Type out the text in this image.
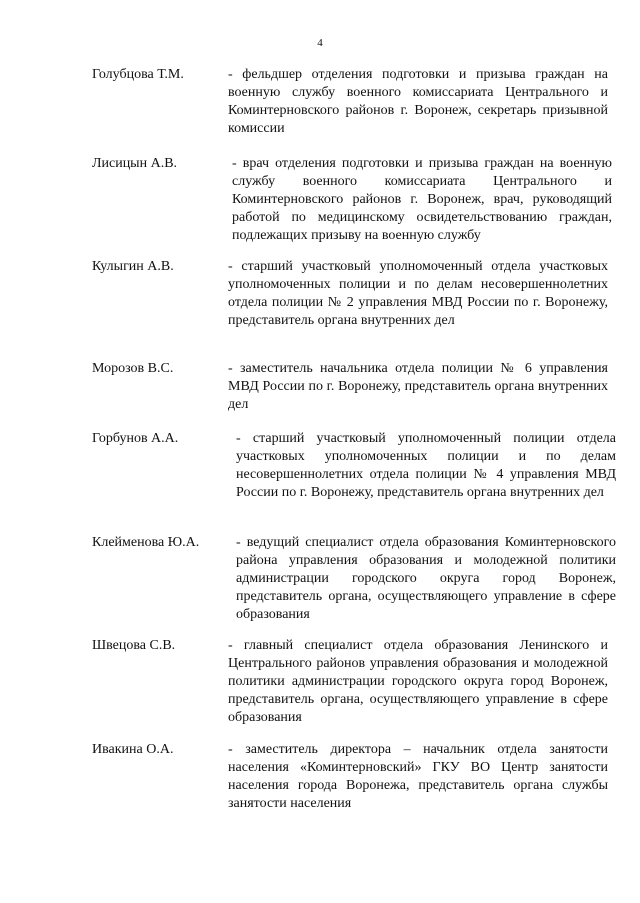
4
Голубцова Т.М.	- фельдшер отделения подготовки и призыва граждан на военную службу военного комиссариата Центрального и Коминтерновского районов г. Воронеж, секретарь призывной комиссии
Лисицын А.В.	- врач отделения подготовки и призыва граждан на военную службу военного комиссариата Центрального и Коминтерновского районов г. Воронеж, врач, руководящий работой по медицинскому освидетельствованию граждан, подлежащих призыву на военную службу
Кулыгин А.В.	- старший участковый уполномоченный отдела участковых уполномоченных полиции и по делам несовершеннолетних отдела полиции № 2 управления МВД России по г. Воронежу, представитель органа внутренних дел
Морозов В.С.	- заместитель начальника отдела полиции № 6 управления МВД России по г. Воронежу, представитель органа внутренних дел
Горбунов А.А.	- старший участковый уполномоченный полиции отдела участковых уполномоченных полиции и по делам несовершеннолетних отдела полиции № 4 управления МВД России по г. Воронежу, представитель органа внутренних дел
Клейменова Ю.А.	- ведущий специалист отдела образования Коминтерновского района управления образования и молодежной политики администрации городского округа город Воронеж, представитель органа, осуществляющего управление в сфере образования
Швецова С.В.	- главный специалист отдела образования Ленинского и Центрального районов управления образования и молодежной политики администрации городского округа город Воронеж, представитель органа, осуществляющего управление в сфере образования
Ивакина О.А.	- заместитель директора – начальник отдела занятости населения «Коминтерновский» ГКУ ВО Центр занятости населения города Воронежа, представитель органа службы занятости населения
